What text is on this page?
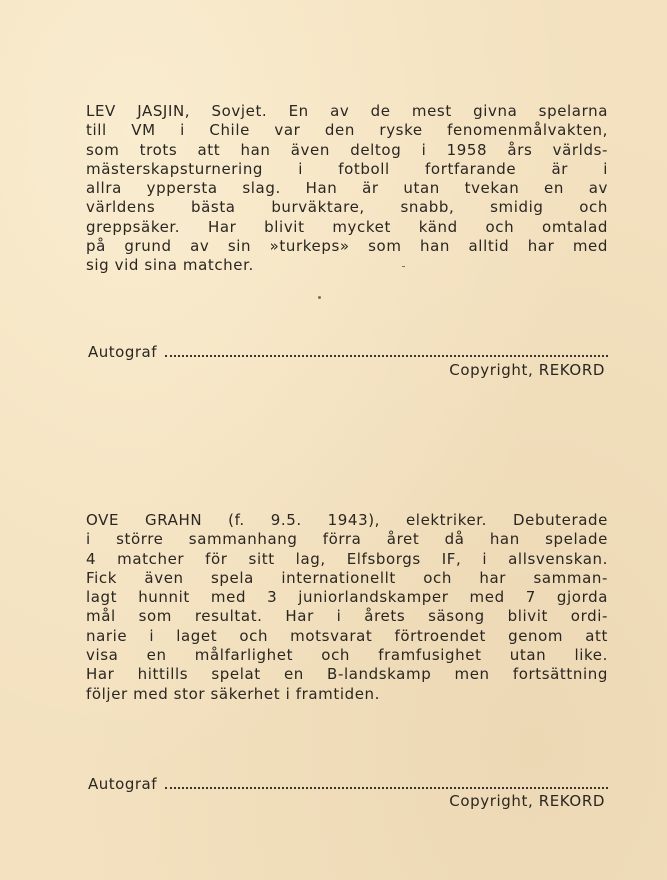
LEV JASJIN, Sovjet. En av de mest givna spelarna
till VM i Chile var den ryske fenomenmålvakten,
som trots att han även deltog i 1958 års världs-
mästerskapsturnering i fotboll fortfarande är i
allra yppersta slag. Han är utan tvekan en av
världens bästa burväktare, snabb, smidig och
greppsäker. Har blivit mycket känd och omtalad
på grund av sin »turkeps» som han alltid har med
sig vid sina matcher.

Autograf
Copyright, REKORD

OVE GRAHN (f. 9.5. 1943), elektriker. Debuterade
i större sammanhang förra året då han spelade
4 matcher för sitt lag, Elfsborgs IF, i allsvenskan.
Fick även spela internationellt och har samman-
lagt hunnit med 3 juniorlandskamper med 7 gjorda
mål som resultat. Har i årets säsong blivit ordi-
narie i laget och motsvarat förtroendet genom att
visa en målfarlighet och framfusighet utan like.
Har hittills spelat en B-landskamp men fortsättning
följer med stor säkerhet i framtiden.

Autograf
Copyright, REKORD
